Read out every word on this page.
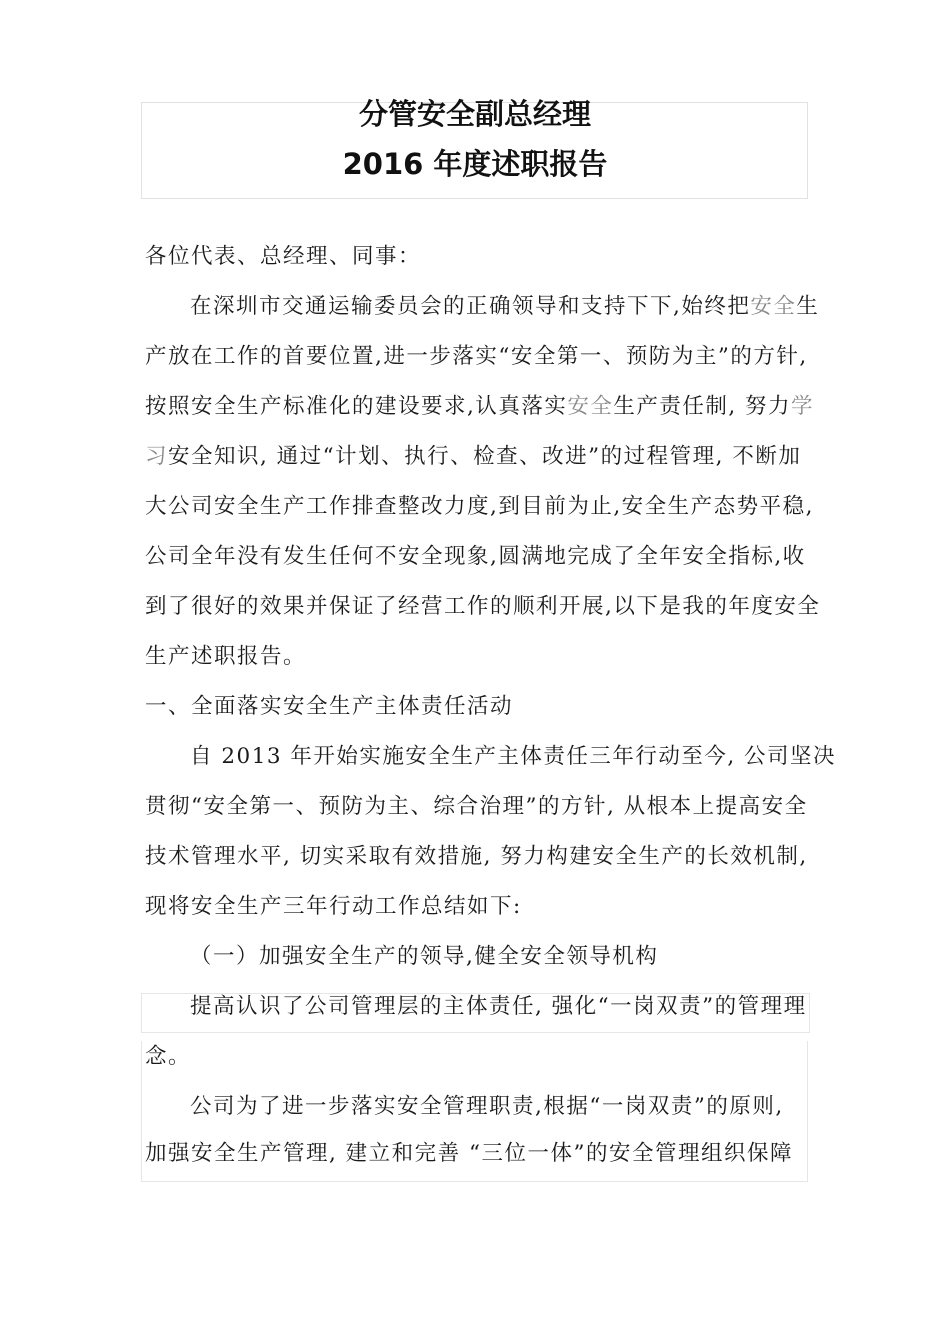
分管安全副总经理
2016 年度述职报告
各位代表、总经理、同事：
在深圳市交通运输委员会的正确领导和支持下下,始终把安全生
产放在工作的首要位置,进一步落实“安全第一、预防为主”的方针,
按照安全生产标准化的建设要求,认真落实安全生产责任制, 努力学
习安全知识, 通过“计划、执行、检查、改进”的过程管理, 不断加
大公司安全生产工作排查整改力度,到目前为止,安全生产态势平稳,
公司全年没有发生任何不安全现象,圆满地完成了全年安全指标,收
到了很好的效果并保证了经营工作的顺利开展,以下是我的年度安全
生产述职报告。
一、全面落实安全生产主体责任活动
自 2013 年开始实施安全生产主体责任三年行动至今, 公司坚决
贯彻“安全第一、预防为主、综合治理”的方针, 从根本上提高安全
技术管理水平, 切实采取有效措施, 努力构建安全生产的长效机制,
现将安全生产三年行动工作总结如下:
（一）加强安全生产的领导,健全安全领导机构
提高认识了公司管理层的主体责任, 强化“一岗双责”的管理理
念。
公司为了进一步落实安全管理职责,根据“一岗双责”的原则,
加强安全生产管理, 建立和完善 “三位一体”的安全管理组织保障
